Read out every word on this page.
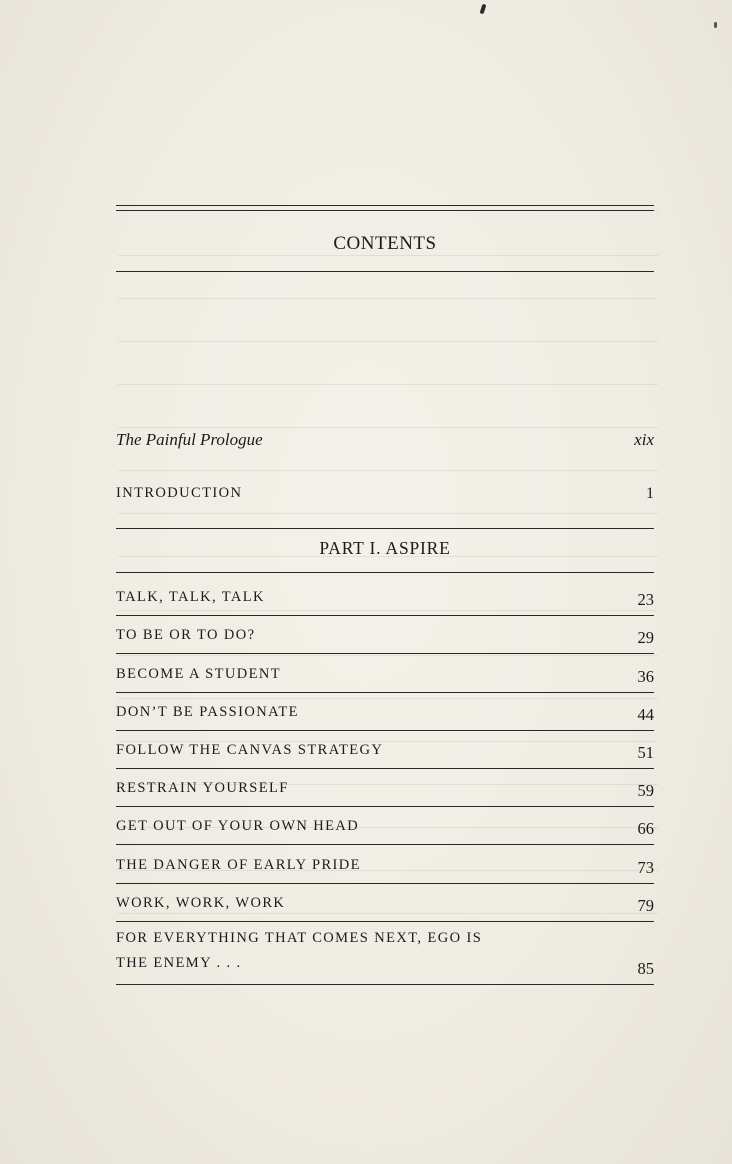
CONTENTS
The Painful Prologue	xix
INTRODUCTION	1
PART I. ASPIRE
TALK, TALK, TALK	23
TO BE OR TO DO?	29
BECOME A STUDENT	36
DON’T BE PASSIONATE	44
FOLLOW THE CANVAS STRATEGY	51
RESTRAIN YOURSELF	59
GET OUT OF YOUR OWN HEAD	66
THE DANGER OF EARLY PRIDE	73
WORK, WORK, WORK	79
FOR EVERYTHING THAT COMES NEXT, EGO IS
THE ENEMY . . .	85
